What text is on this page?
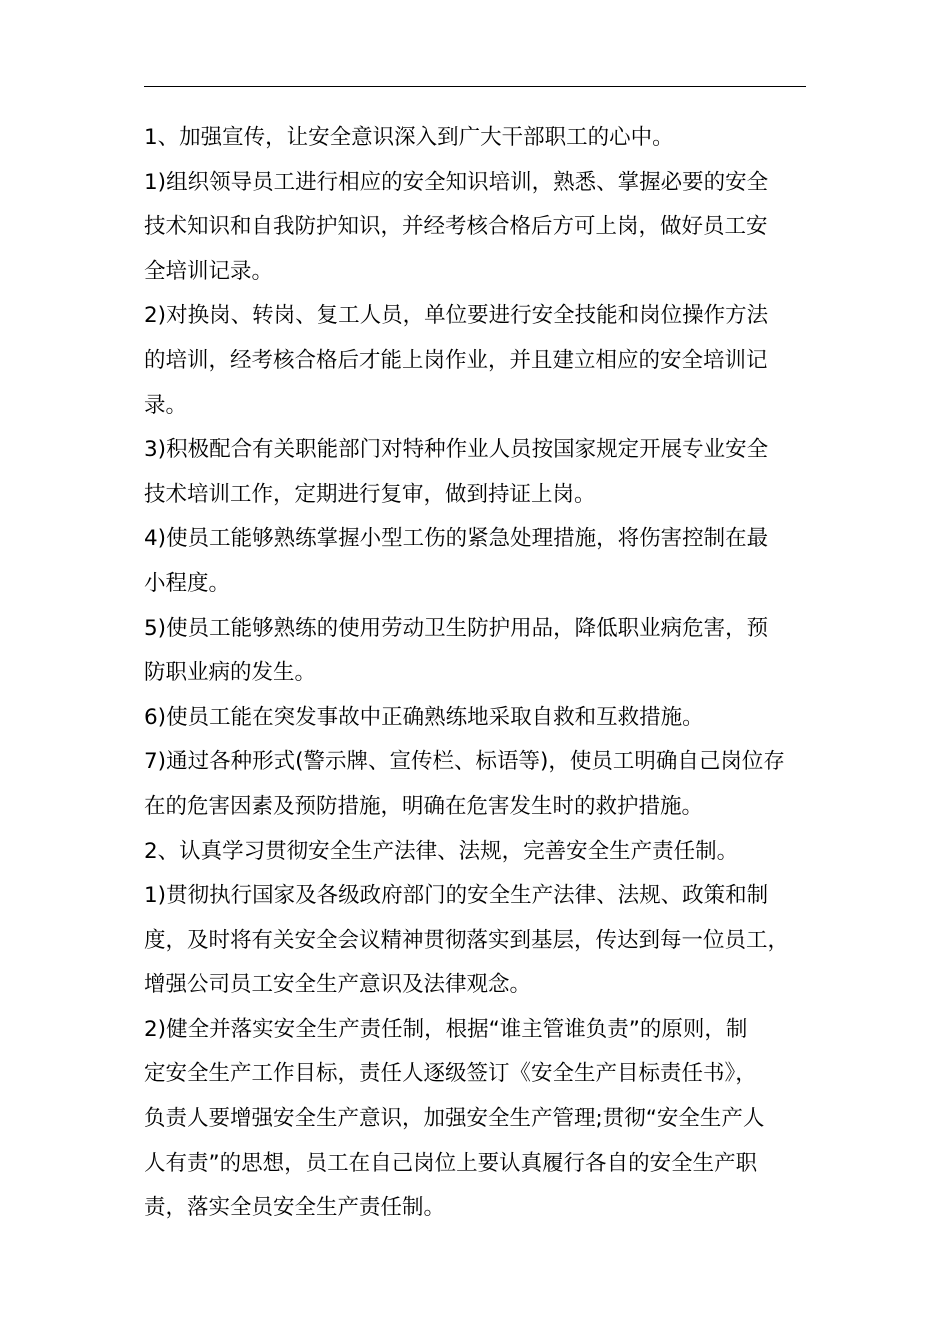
1、加强宣传，让安全意识深入到广大干部职工的心中。

1)组织领导员工进行相应的安全知识培训，熟悉、掌握必要的安全

技术知识和自我防护知识，并经考核合格后方可上岗，做好员工安

全培训记录。

2)对换岗、转岗、复工人员，单位要进行安全技能和岗位操作方法

的培训，经考核合格后才能上岗作业，并且建立相应的安全培训记

录。

3)积极配合有关职能部门对特种作业人员按国家规定开展专业安全

技术培训工作，定期进行复审，做到持证上岗。

4)使员工能够熟练掌握小型工伤的紧急处理措施，将伤害控制在最

小程度。

5)使员工能够熟练的使用劳动卫生防护用品，降低职业病危害，预

防职业病的发生。

6)使员工能在突发事故中正确熟练地采取自救和互救措施。

7)通过各种形式(警示牌、宣传栏、标语等)，使员工明确自己岗位存

在的危害因素及预防措施，明确在危害发生时的救护措施。

2、认真学习贯彻安全生产法律、法规，完善安全生产责任制。

1)贯彻执行国家及各级政府部门的安全生产法律、法规、政策和制

度，及时将有关安全会议精神贯彻落实到基层，传达到每一位员工，

增强公司员工安全生产意识及法律观念。

2)健全并落实安全生产责任制，根据“谁主管谁负责”的原则，制

定安全生产工作目标，责任人逐级签订《安全生产目标责任书》，

负责人要增强安全生产意识，加强安全生产管理;贯彻“安全生产人

人有责”的思想，员工在自己岗位上要认真履行各自的安全生产职

责，落实全员安全生产责任制。
